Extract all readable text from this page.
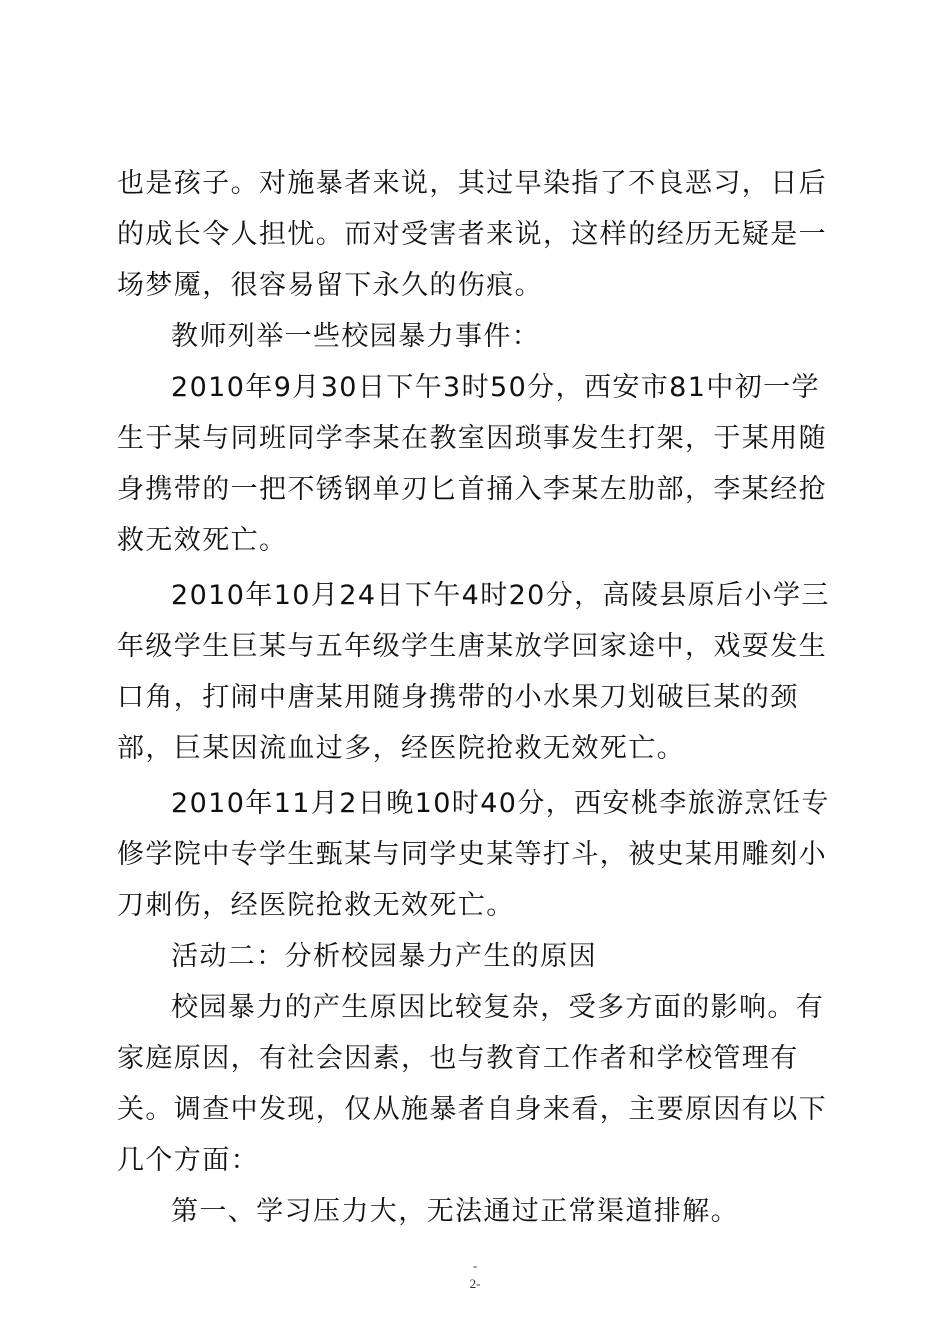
也是孩子。对施暴者来说，其过早染指了不良恶习，日后的成长令人担忧。而对受害者来说，这样的经历无疑是一场梦魇，很容易留下永久的伤痕。

教师列举一些校园暴力事件：

2010年9月30日下午3时50分，西安市81中初一学生于某与同班同学李某在教室因琐事发生打架，于某用随身携带的一把不锈钢单刃匕首捅入李某左肋部，李某经抢救无效死亡。

2010年10月24日下午4时20分，高陵县原后小学三年级学生巨某与五年级学生唐某放学回家途中，戏耍发生口角，打闹中唐某用随身携带的小水果刀划破巨某的颈部，巨某因流血过多，经医院抢救无效死亡。

2010年11月2日晚10时40分，西安桃李旅游烹饪专修学院中专学生甄某与同学史某等打斗，被史某用雕刻小刀刺伤，经医院抢救无效死亡。

活动二：分析校园暴力产生的原因

校园暴力的产生原因比较复杂，受多方面的影响。有家庭原因，有社会因素，也与教育工作者和学校管理有关。调查中发现，仅从施暴者自身来看，主要原因有以下几个方面：

第一、学习压力大，无法通过正常渠道排解。

-
2-
